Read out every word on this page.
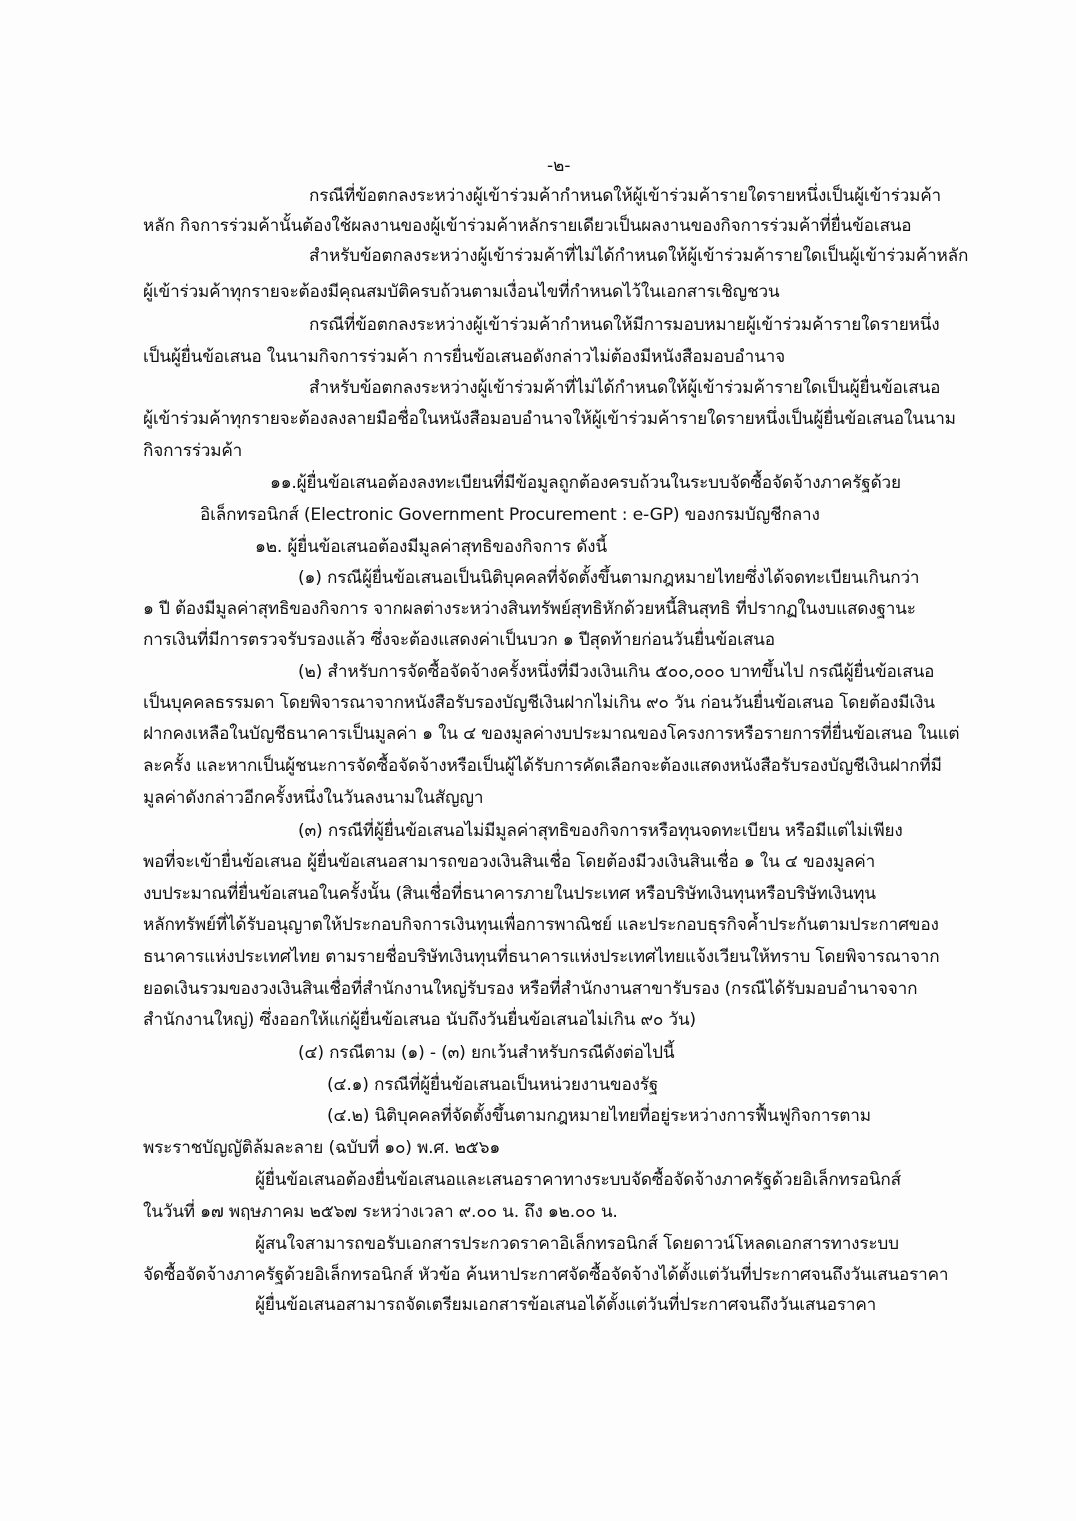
-๒-
กรณีที่ข้อตกลงระหว่างผู้เข้าร่วมค้ากำหนดให้ผู้เข้าร่วมค้ารายใดรายหนึ่งเป็นผู้เข้าร่วมค้า
หลัก กิจการร่วมค้านั้นต้องใช้ผลงานของผู้เข้าร่วมค้าหลักรายเดียวเป็นผลงานของกิจการร่วมค้าที่ยื่นข้อเสนอ
สำหรับข้อตกลงระหว่างผู้เข้าร่วมค้าที่ไม่ได้กำหนดให้ผู้เข้าร่วมค้ารายใดเป็นผู้เข้าร่วมค้าหลัก
ผู้เข้าร่วมค้าทุกรายจะต้องมีคุณสมบัติครบถ้วนตามเงื่อนไขที่กำหนดไว้ในเอกสารเชิญชวน
กรณีที่ข้อตกลงระหว่างผู้เข้าร่วมค้ากำหนดให้มีการมอบหมายผู้เข้าร่วมค้ารายใดรายหนึ่ง
เป็นผู้ยื่นข้อเสนอ ในนามกิจการร่วมค้า การยื่นข้อเสนอดังกล่าวไม่ต้องมีหนังสือมอบอำนาจ
สำหรับข้อตกลงระหว่างผู้เข้าร่วมค้าที่ไม่ได้กำหนดให้ผู้เข้าร่วมค้ารายใดเป็นผู้ยื่นข้อเสนอ
ผู้เข้าร่วมค้าทุกรายจะต้องลงลายมือชื่อในหนังสือมอบอำนาจให้ผู้เข้าร่วมค้ารายใดรายหนึ่งเป็นผู้ยื่นข้อเสนอในนาม
กิจการร่วมค้า
๑๑.ผู้ยื่นข้อเสนอต้องลงทะเบียนที่มีข้อมูลถูกต้องครบถ้วนในระบบจัดซื้อจัดจ้างภาครัฐด้วย
อิเล็กทรอนิกส์ (Electronic Government Procurement : e-GP) ของกรมบัญชีกลาง
๑๒. ผู้ยื่นข้อเสนอต้องมีมูลค่าสุทธิของกิจการ ดังนี้
(๑) กรณีผู้ยื่นข้อเสนอเป็นนิติบุคคลที่จัดตั้งขึ้นตามกฎหมายไทยซึ่งได้จดทะเบียนเกินกว่า
๑ ปี ต้องมีมูลค่าสุทธิของกิจการ จากผลต่างระหว่างสินทรัพย์สุทธิหักด้วยหนี้สินสุทธิ ที่ปรากฏในงบแสดงฐานะ
การเงินที่มีการตรวจรับรองแล้ว ซึ่งจะต้องแสดงค่าเป็นบวก ๑ ปีสุดท้ายก่อนวันยื่นข้อเสนอ
(๒) สำหรับการจัดซื้อจัดจ้างครั้งหนึ่งที่มีวงเงินเกิน ๕๐๐,๐๐๐ บาทขึ้นไป กรณีผู้ยื่นข้อเสนอ
เป็นบุคคลธรรมดา โดยพิจารณาจากหนังสือรับรองบัญชีเงินฝากไม่เกิน ๙๐ วัน ก่อนวันยื่นข้อเสนอ โดยต้องมีเงิน
ฝากคงเหลือในบัญชีธนาคารเป็นมูลค่า ๑ ใน ๔ ของมูลค่างบประมาณของโครงการหรือรายการที่ยื่นข้อเสนอ ในแต่
ละครั้ง และหากเป็นผู้ชนะการจัดซื้อจัดจ้างหรือเป็นผู้ได้รับการคัดเลือกจะต้องแสดงหนังสือรับรองบัญชีเงินฝากที่มี
มูลค่าดังกล่าวอีกครั้งหนึ่งในวันลงนามในสัญญา
(๓) กรณีที่ผู้ยื่นข้อเสนอไม่มีมูลค่าสุทธิของกิจการหรือทุนจดทะเบียน หรือมีแต่ไม่เพียง
พอที่จะเข้ายื่นข้อเสนอ ผู้ยื่นข้อเสนอสามารถขอวงเงินสินเชื่อ โดยต้องมีวงเงินสินเชื่อ ๑ ใน ๔ ของมูลค่า
งบประมาณที่ยื่นข้อเสนอในครั้งนั้น (สินเชื่อที่ธนาคารภายในประเทศ หรือบริษัทเงินทุนหรือบริษัทเงินทุน
หลักทรัพย์ที่ได้รับอนุญาตให้ประกอบกิจการเงินทุนเพื่อการพาณิชย์ และประกอบธุรกิจค้ำประกันตามประกาศของ
ธนาคารแห่งประเทศไทย ตามรายชื่อบริษัทเงินทุนที่ธนาคารแห่งประเทศไทยแจ้งเวียนให้ทราบ โดยพิจารณาจาก
ยอดเงินรวมของวงเงินสินเชื่อที่สำนักงานใหญ่รับรอง หรือที่สำนักงานสาขารับรอง (กรณีได้รับมอบอำนาจจาก
สำนักงานใหญ่) ซึ่งออกให้แก่ผู้ยื่นข้อเสนอ นับถึงวันยื่นข้อเสนอไม่เกิน ๙๐ วัน)
(๔) กรณีตาม (๑) - (๓) ยกเว้นสำหรับกรณีดังต่อไปนี้
(๔.๑) กรณีที่ผู้ยื่นข้อเสนอเป็นหน่วยงานของรัฐ
(๔.๒) นิติบุคคลที่จัดตั้งขึ้นตามกฎหมายไทยที่อยู่ระหว่างการฟื้นฟูกิจการตาม
พระราชบัญญัติล้มละลาย (ฉบับที่ ๑๐) พ.ศ. ๒๕๖๑
ผู้ยื่นข้อเสนอต้องยื่นข้อเสนอและเสนอราคาทางระบบจัดซื้อจัดจ้างภาครัฐด้วยอิเล็กทรอนิกส์
ในวันที่ ๑๗ พฤษภาคม ๒๕๖๗ ระหว่างเวลา ๙.๐๐ น. ถึง ๑๒.๐๐ น.
ผู้สนใจสามารถขอรับเอกสารประกวดราคาอิเล็กทรอนิกส์ โดยดาวน์โหลดเอกสารทางระบบ
จัดซื้อจัดจ้างภาครัฐด้วยอิเล็กทรอนิกส์ หัวข้อ ค้นหาประกาศจัดซื้อจัดจ้างได้ตั้งแต่วันที่ประกาศจนถึงวันเสนอราคา
ผู้ยื่นข้อเสนอสามารถจัดเตรียมเอกสารข้อเสนอได้ตั้งแต่วันที่ประกาศจนถึงวันเสนอราคา
